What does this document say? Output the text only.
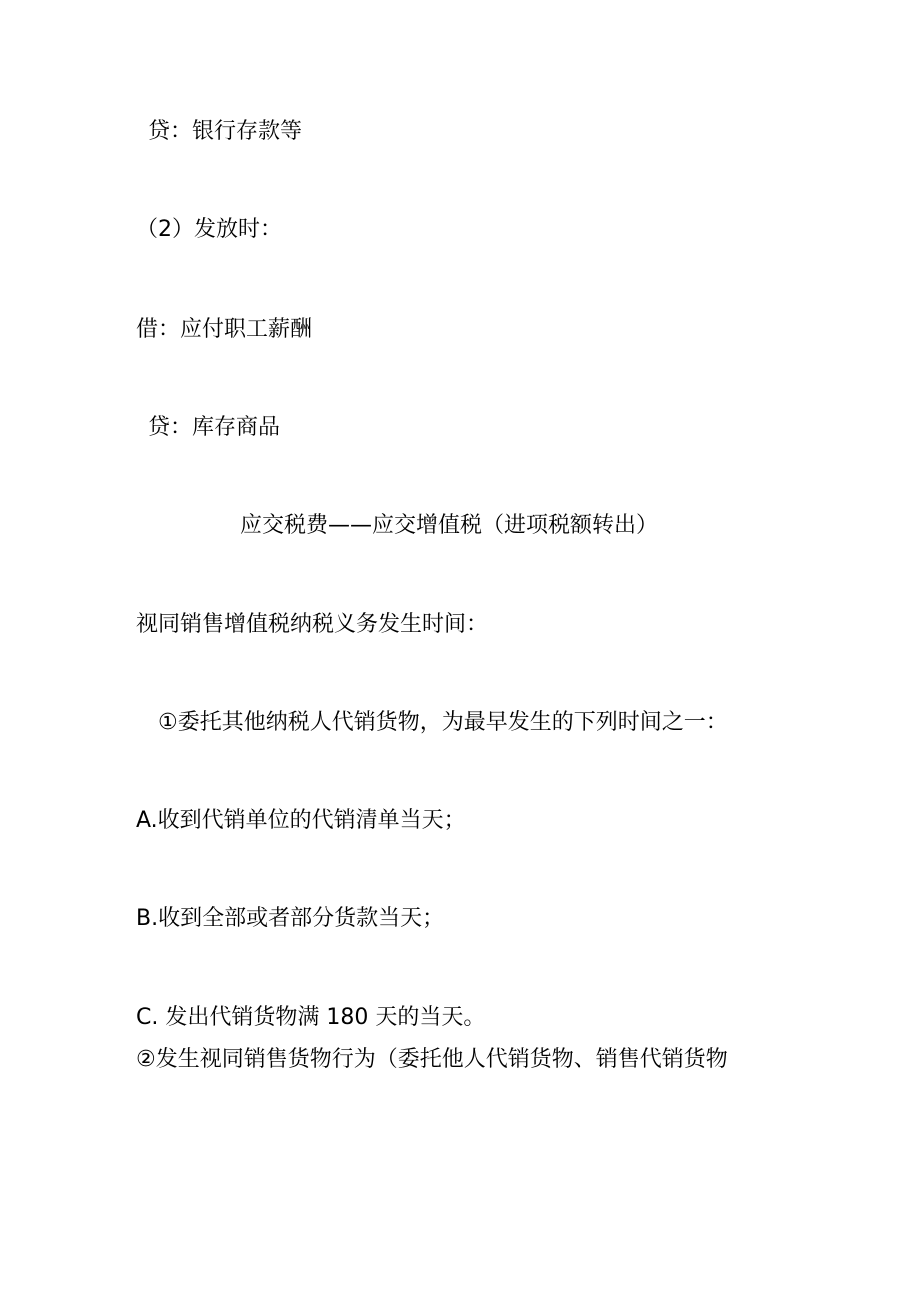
贷：银行存款等
（2）发放时：
借：应付职工薪酬
贷：库存商品
应交税费——应交增值税（进项税额转出）
视同销售增值税纳税义务发生时间：
①委托其他纳税人代销货物，为最早发生的下列时间之一：
A.收到代销单位的代销清单当天；
B.收到全部或者部分货款当天；
C. 发出代销货物满 180 天的当天。
②发生视同销售货物行为（委托他人代销货物、销售代销货物
